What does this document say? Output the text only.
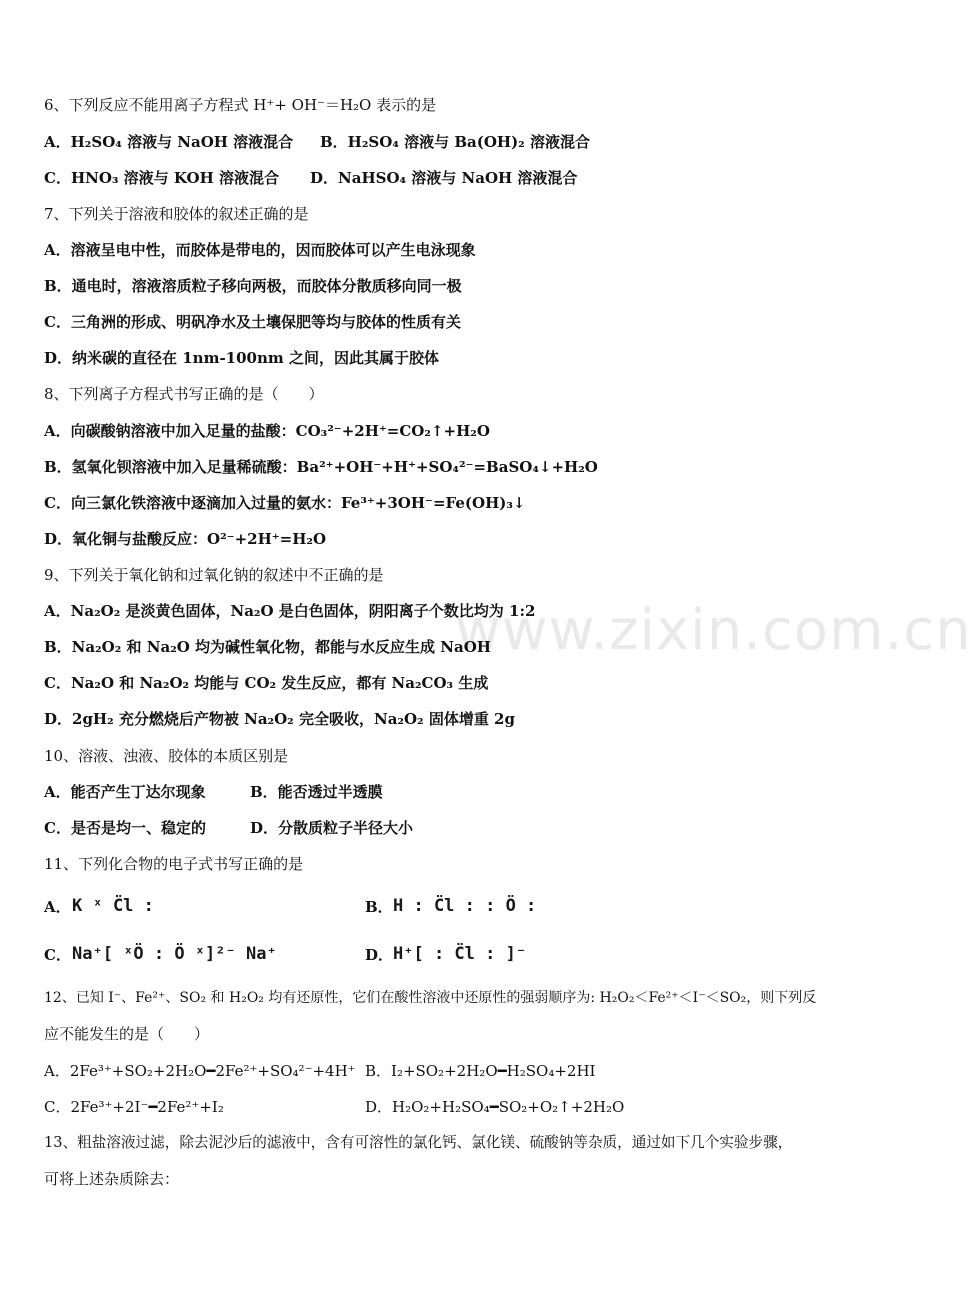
www.zixin.com.cn
6、下列反应不能用离子方程式 H⁺+ OH⁻＝H₂O 表示的是
A．H₂SO₄ 溶液与 NaOH 溶液混合 B．H₂SO₄ 溶液与 Ba(OH)₂ 溶液混合
C．HNO₃ 溶液与 KOH 溶液混合 D．NaHSO₄ 溶液与 NaOH 溶液混合
7、下列关于溶液和胶体的叙述正确的是
A．溶液呈电中性，而胶体是带电的，因而胶体可以产生电泳现象
B．通电时，溶液溶质粒子移向两极，而胶体分散质移向同一极
C．三角洲的形成、明矾净水及土壤保肥等均与胶体的性质有关
D．纳米碳的直径在 1nm-100nm 之间，因此其属于胶体
8、下列离子方程式书写正确的是（　　）
A．向碳酸钠溶液中加入足量的盐酸：CO₃²⁻+2H⁺=CO₂↑+H₂O
B．氢氧化钡溶液中加入足量稀硫酸：Ba²⁺+OH⁻+H⁺+SO₄²⁻=BaSO₄↓+H₂O
C．向三氯化铁溶液中逐滴加入过量的氨水：Fe³⁺+3OH⁻=Fe(OH)₃↓
D．氧化铜与盐酸反应：O²⁻+2H⁺=H₂O
9、下列关于氧化钠和过氧化钠的叙述中不正确的是
A．Na₂O₂ 是淡黄色固体，Na₂O 是白色固体，阴阳离子个数比均为 1:2
B．Na₂O₂ 和 Na₂O 均为碱性氧化物，都能与水反应生成 NaOH
C．Na₂O 和 Na₂O₂ 均能与 CO₂ 发生反应，都有 Na₂CO₃ 生成
D．2gH₂ 充分燃烧后产物被 Na₂O₂ 完全吸收，Na₂O₂ 固体增重 2g
10、溶液、浊液、胶体的本质区别是
A．能否产生丁达尔现象	B．能否透过半透膜
C．是否是均一、稳定的	D．分散质粒子半径大小
11、下列化合物的电子式书写正确的是
A． K ˣ C̈l :	B． H : C̈l : : Ö :
C． Na⁺[ ˣÖ : Ö ˣ]²⁻ Na⁺	D． H⁺[ : C̈l : ]⁻
12、已知 I⁻、Fe²⁺、SO₂ 和 H₂O₂ 均有还原性，它们在酸性溶液中还原性的强弱顺序为: H₂O₂＜Fe²⁺＜I⁻＜SO₂，则下列反
应不能发生的是（　　）
A．2Fe³⁺+SO₂+2H₂O━2Fe²⁺+SO₄²⁻+4H⁺ B．I₂+SO₂+2H₂O━H₂SO₄+2HI
C．2Fe³⁺+2I⁻━2Fe²⁺+I₂	D．H₂O₂+H₂SO₄━SO₂+O₂↑+2H₂O
13、粗盐溶液过滤，除去泥沙后的滤液中，含有可溶性的氯化钙、氯化镁、硫酸钠等杂质，通过如下几个实验步骤，
可将上述杂质除去：
